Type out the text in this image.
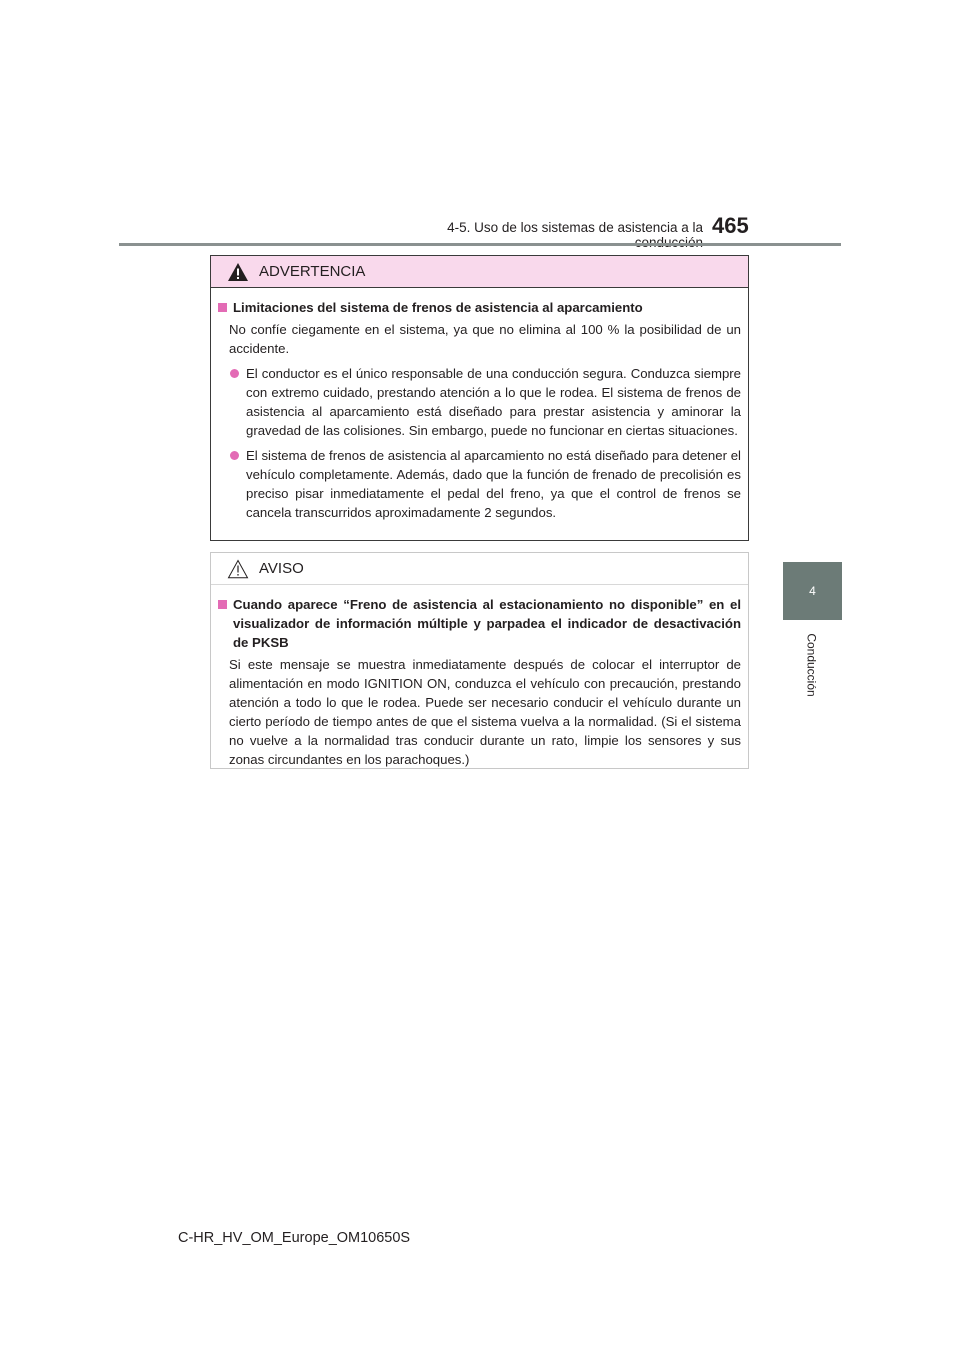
4-5. Uso de los sistemas de asistencia a la 465
4
Conducción
ADVERTENCIA
Limitaciones del sistema de frenos de asistencia al aparcamiento
No confíe ciegamente en el sistema, ya que no elimina al 100 % la posibilidad de un accidente.
El conductor es el único responsable de una conducción segura. Conduzca siempre con extremo cuidado, prestando atención a lo que le rodea. El sistema de frenos de asistencia al aparcamiento está diseñado para prestar asistencia y aminorar la gravedad de las colisiones. Sin embargo, puede no funcionar en ciertas situaciones.
El sistema de frenos de asistencia al aparcamiento no está diseñado para detener el vehículo completamente. Además, dado que la función de frenado de precolisión es preciso pisar inmediatamente el pedal del freno, ya que el control de frenos se cancela transcurridos aproximadamente 2 segundos.
AVISO
Cuando aparece “Freno de asistencia al estacionamiento no disponible” en el visualizador de información múltiple y parpadea el indicador de desactivación de PKSB
Si este mensaje se muestra inmediatamente después de colocar el interruptor de alimentación en modo IGNITION ON, conduzca el vehículo con precaución, prestando atención a todo lo que le rodea. Puede ser necesario conducir el vehículo durante un cierto período de tiempo antes de que el sistema vuelva a la normalidad. (Si el sistema no vuelve a la normalidad tras conducir durante un rato, limpie los sensores y sus zonas circundantes en los parachoques.)
C-HR_HV_OM_Europe_OM10650S
